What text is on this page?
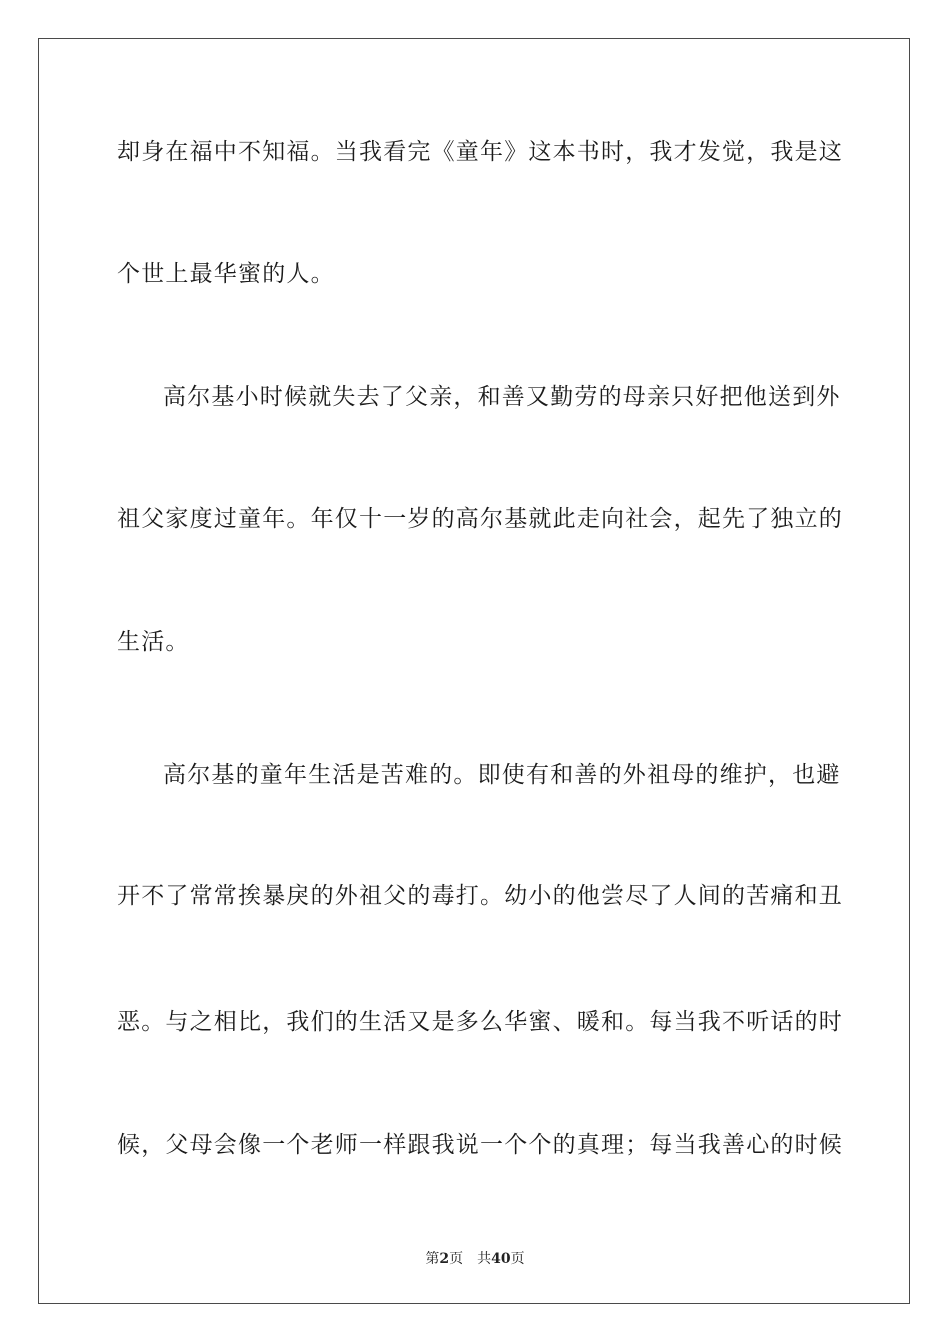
却身在福中不知福。当我看完《童年》这本书时，我才发觉，我是这
个世上最华蜜的人。
高尔基小时候就失去了父亲，和善又勤劳的母亲只好把他送到外
祖父家度过童年。年仅十一岁的高尔基就此走向社会，起先了独立的
生活。
高尔基的童年生活是苦难的。即使有和善的外祖母的维护，也避
开不了常常挨暴戾的外祖父的毒打。幼小的他尝尽了人间的苦痛和丑
恶。与之相比，我们的生活又是多么华蜜、暖和。每当我不听话的时
候，父母会像一个老师一样跟我说一个个的真理；每当我善心的时候
第2页　共40页
